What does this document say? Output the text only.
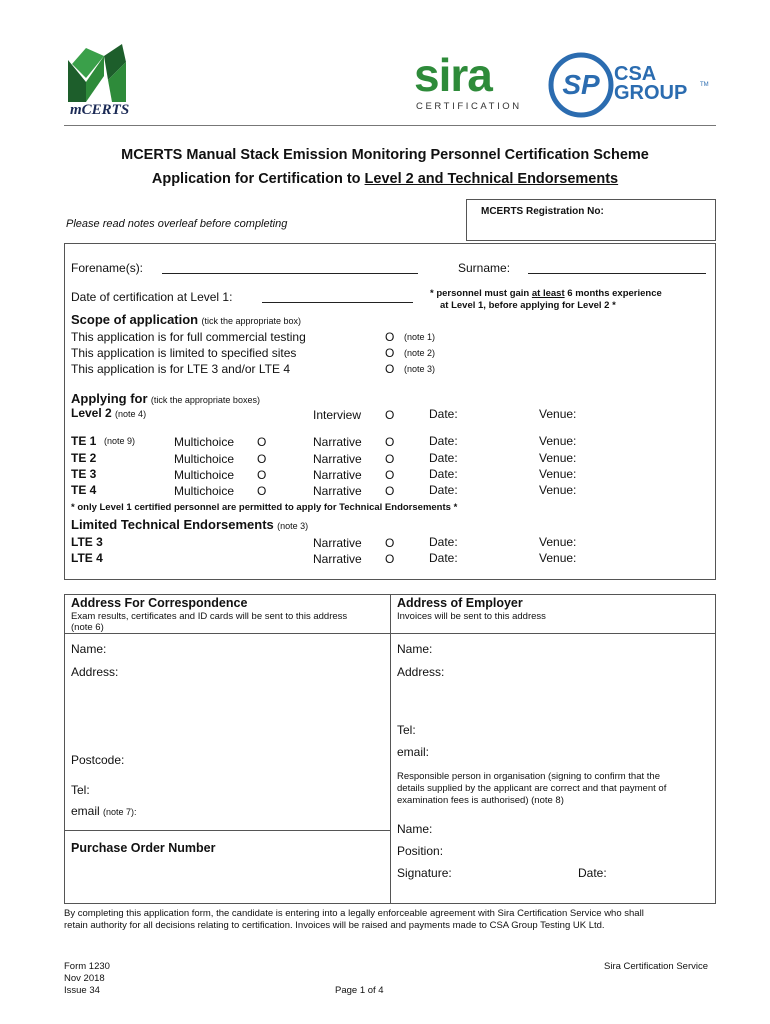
mCERTS
sira
CERTIFICATION
SP CSA
GROUP TM
MCERTS Manual Stack Emission Monitoring Personnel Certification Scheme
Application for Certification to Level 2 and Technical Endorsements
Please read notes overleaf before completing
MCERTS Registration No:
Forename(s):	Surname:
Date of certification at Level 1:	* personnel must gain at least 6 months experience
at Level 1, before applying for Level 2 *
Scope of application (tick the appropriate box)
This application is for full commercial testing	O (note 1)
This application is limited to specified sites	O (note 2)
This application is for LTE 3 and/or LTE 4	O (note 3)
Applying for (tick the appropriate boxes)
Level 2 (note 4)	Interview O	Date:	Venue:
TE 1 (note 9)	Multichoice O	Narrative O	Date:	Venue:
TE 2	Multichoice O	Narrative O	Date:	Venue:
TE 3	Multichoice O	Narrative O	Date:	Venue:
TE 4	Multichoice O	Narrative O	Date:	Venue:
* only Level 1 certified personnel are permitted to apply for Technical Endorsements *
Limited Technical Endorsements (note 3)
LTE 3	Narrative O	Date:	Venue:
LTE 4	Narrative O	Date:	Venue:
Address For Correspondence
Exam results, certificates and ID cards will be sent to this address
(note 6)
Address of Employer
Invoices will be sent to this address
Name:
Address:
Postcode:
Tel:
email (note 7):
Purchase Order Number
Name:
Address:
Tel:
email:
Responsible person in organisation (signing to confirm that the
details supplied by the applicant are correct and that payment of
examination fees is authorised) (note 8)
Name:
Position:
Signature:	Date:
By completing this application form, the candidate is entering into a legally enforceable agreement with Sira Certification Service who shall
retain authority for all decisions relating to certification. Invoices will be raised and payments made to CSA Group Testing UK Ltd.
Form 1230
Nov 2018
Issue 34	Page 1 of 4
Sira Certification Service
